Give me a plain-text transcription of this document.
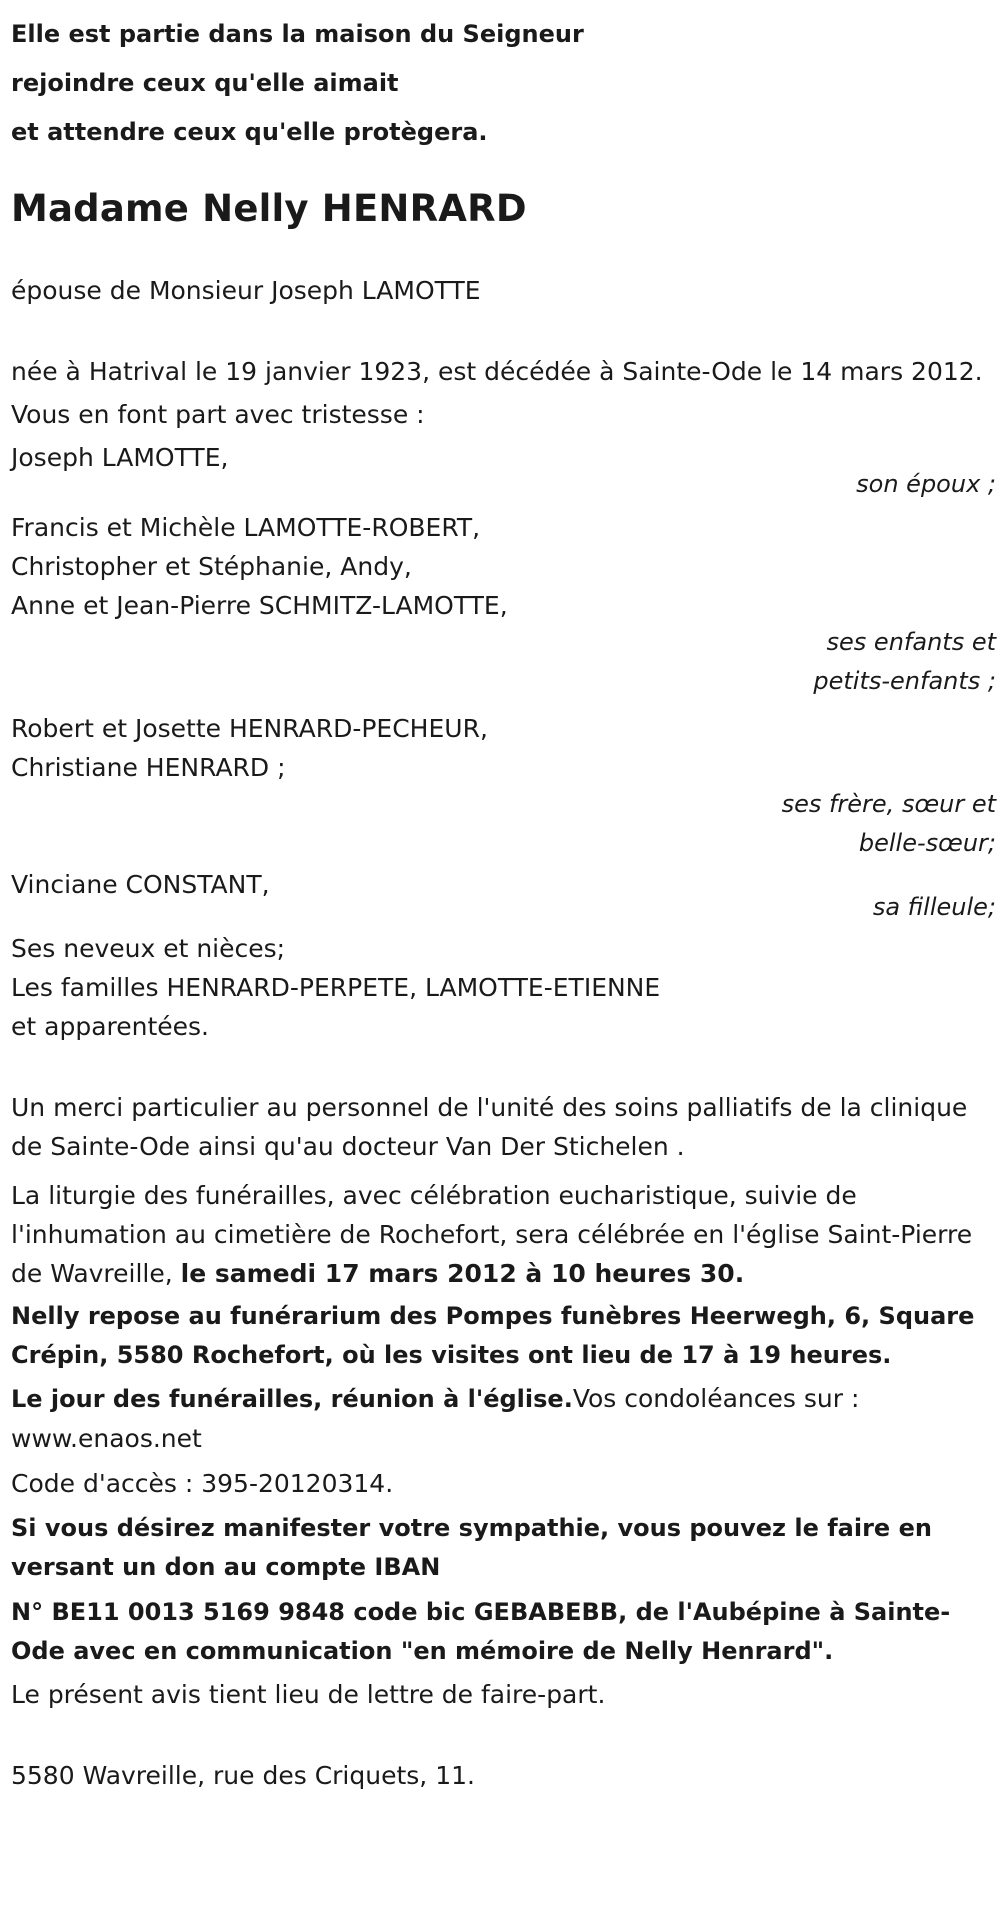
Elle est partie dans la maison du Seigneur

rejoindre ceux qu'elle aimait

et attendre ceux qu'elle protègera.

Madame Nelly HENRARD

épouse de Monsieur Joseph LAMOTTE

née à Hatrival le 19 janvier 1923, est décédée à Sainte-Ode le 14 mars 2012.

Vous en font part avec tristesse :

Joseph LAMOTTE,

son époux ;

Francis et Michèle LAMOTTE-ROBERT,

Christopher et Stéphanie, Andy,

Anne et Jean-Pierre SCHMITZ-LAMOTTE,

ses enfants et

petits-enfants ;

Robert et Josette HENRARD-PECHEUR,

Christiane HENRARD ;

ses frère, sœur et

belle-sœur;

Vinciane CONSTANT,

sa filleule;

Ses neveux et nièces;

Les familles HENRARD-PERPETE, LAMOTTE-ETIENNE

et apparentées.

Un merci particulier au personnel de l'unité des soins palliatifs de la clinique de Sainte-Ode ainsi qu'au docteur Van Der Stichelen .

La liturgie des funérailles, avec célébration eucharistique, suivie de l'inhumation au cimetière de Rochefort, sera célébrée en l'église Saint-Pierre de Wavreille, le samedi 17 mars 2012 à 10 heures 30.

Nelly repose au funérarium des Pompes funèbres Heerwegh, 6, Square Crépin, 5580 Rochefort, où les visites ont lieu de 17 à 19 heures.

Le jour des funérailles, réunion à l'église.Vos condoléances sur : www.enaos.net

Code d'accès : 395-20120314.

Si vous désirez manifester votre sympathie, vous pouvez le faire en versant un don au compte IBAN

N° BE11 0013 5169 9848 code bic GEBABEBB, de l'Aubépine à Sainte-Ode avec en communication "en mémoire de Nelly Henrard".

Le présent avis tient lieu de lettre de faire-part.

5580 Wavreille, rue des Criquets, 11.
